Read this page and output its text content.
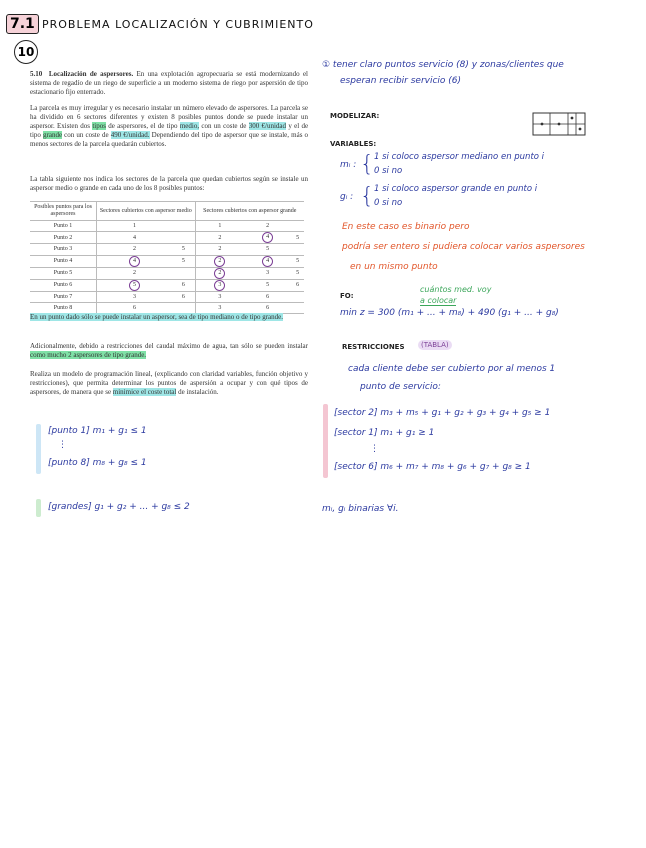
7.1 PROBLEMA LOCALIZACIÓN Y CUBRIMIENTO
10
5.10 Localización de aspersores. En una explotación agropecuaria se está modernizando el sistema de regadío de un riego de superficie a un moderno sistema de riego por aspersión de tipo estacionario fijo enterrado.
La parcela es muy irregular y es necesario instalar un número elevado de aspersores. La parcela se ha dividido en 6 sectores diferentes y existen 8 posibles puntos donde se puede instalar un aspersor. Existen dos tipos de aspersores, el de tipo medio, con un coste de 300 €/unidad y el de tipo grande con un coste de 490 €/unidad. Dependiendo del tipo de aspersor que se instale, más o menos sectores de la parcela quedarán cubiertos.
La tabla siguiente nos indica los sectores de la parcela que quedan cubiertos según se instale un aspersor medio o grande en cada uno de los 8 posibles puntos:
Posibles puntos para los aspersores	Sectores cubiertos con aspersor medio		Sectores cubiertos con aspersor grande		
Punto 1	1		1	2	
Punto 2	4		2	4	5
Punto 3	2	5	2	5	
Punto 4	4	5	2	4	5
Punto 5	2		2	3	5
Punto 6	5	6	3	5	6
Punto 7	3	6	3	6	
Punto 8	6		3	6	
En un punto dado sólo se puede instalar un aspersor, sea de tipo mediano o de tipo grande.
Adicionalmente, debido a restricciones del caudal máximo de agua, tan sólo se pueden instalar como mucho 2 aspersores de tipo grande.
Realiza un modelo de programación lineal, (explicando con claridad variables, función objetivo y restricciones), que permita determinar los puntos de aspersión a ocupar y con qué tipos de aspersores, de manera que se minimice el coste total de instalación.
[punto 1] m₁ + g₁ ≤ 1
⋮
[punto 8] m₈ + g₈ ≤ 1
[grandes] g₁ + g₂ + ... + g₈ ≤ 2
① tener claro puntos servicio (8) y zonas/clientes que
esperan recibir servicio (6)
MODELIZAR:
VARIABLES:
mᵢ : { 1 si coloco aspersor mediano en punto i
0 si no
gᵢ : { 1 si coloco aspersor grande en punto i
0 si no
En este caso es binario pero
podría ser entero si pudiera colocar varios aspersores
en un mismo punto
FO:
cuántos med. voy
a colocar
min z = 300 (m₁ + ... + m₈) + 490 (g₁ + ... + g₈)
RESTRICCIONES	(TABLA)
cada cliente debe ser cubierto por al menos 1
punto de servicio:
[sector 2] m₃ + m₅ + g₁ + g₂ + g₃ + g₄ + g₅ ≥ 1
[sector 1] m₁ + g₁ ≥ 1
⋮
[sector 6] m₆ + m₇ + m₈ + g₆ + g₇ + g₈ ≥ 1
mᵢ, gᵢ binarias ∀i.
